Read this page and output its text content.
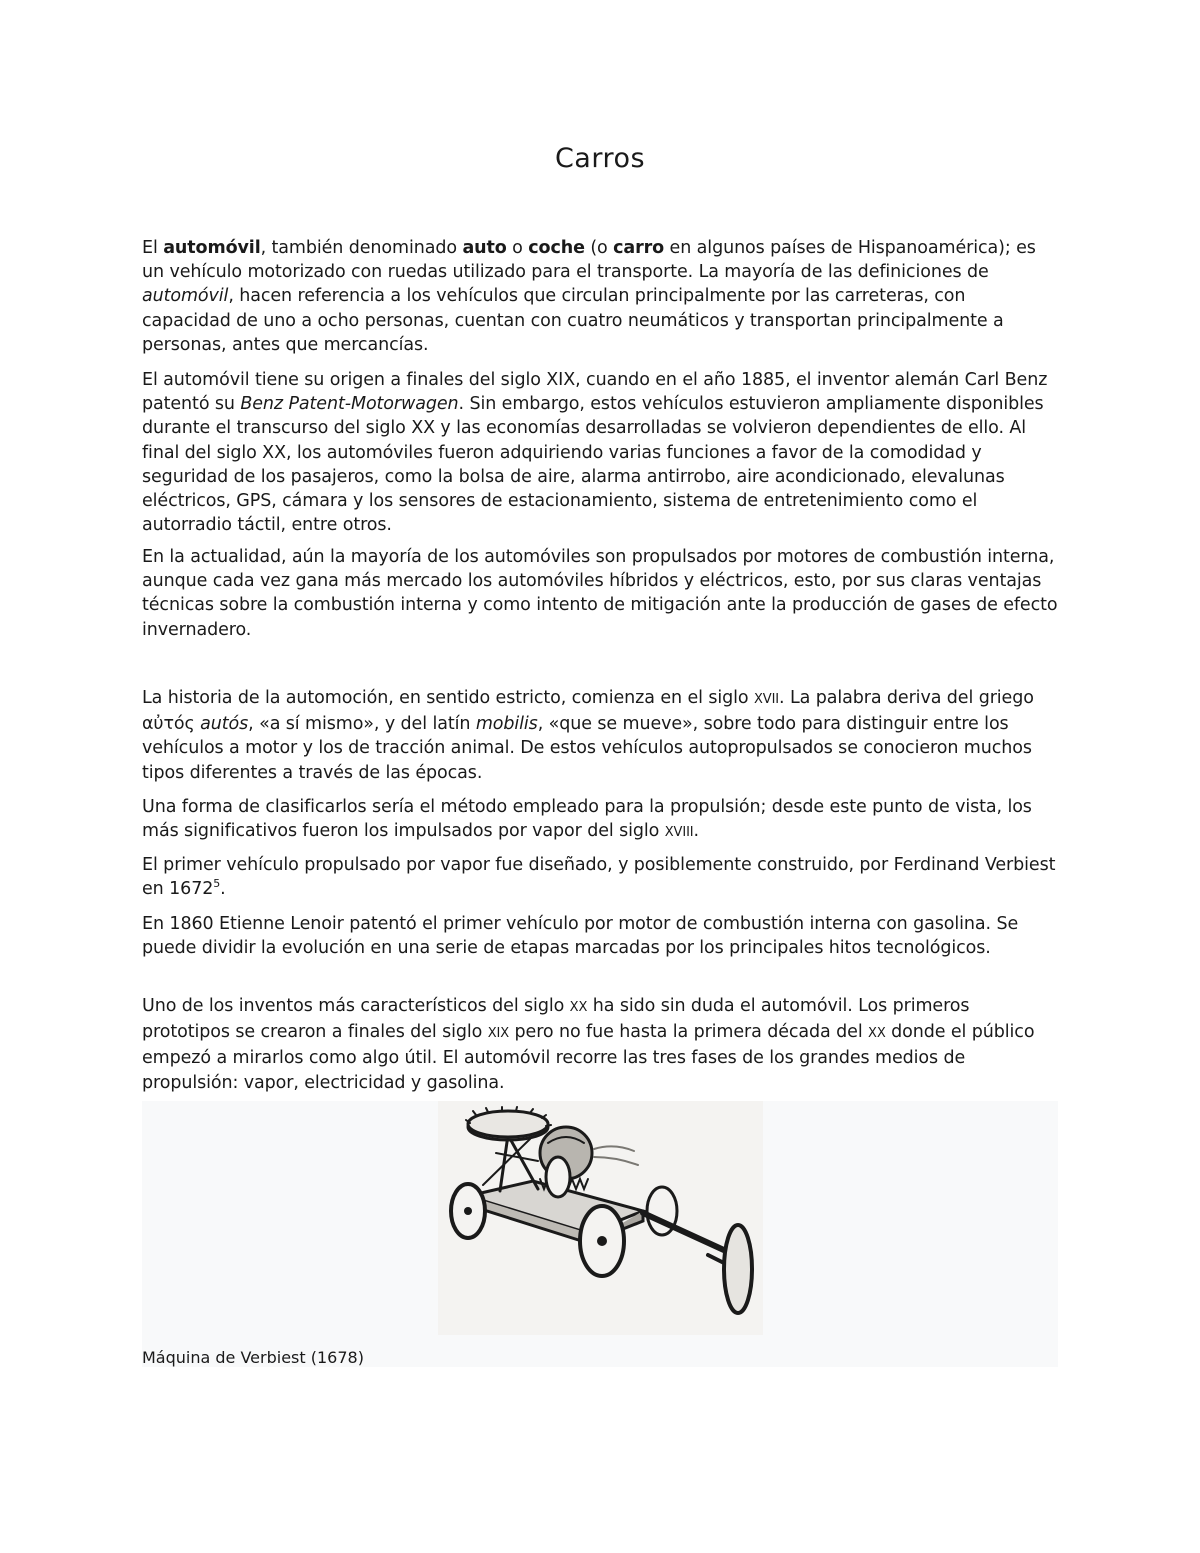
Carros

El automóvil, también denominado auto o coche (o carro en algunos países de Hispanoamérica); es un vehículo motorizado con ruedas utilizado para el transporte. La mayoría de las definiciones de automóvil, hacen referencia a los vehículos que circulan principalmente por las carreteras, con capacidad de uno a ocho personas, cuentan con cuatro neumáticos y transportan principalmente a personas, antes que mercancías.

El automóvil tiene su origen a finales del siglo XIX, cuando en el año 1885, el inventor alemán Carl Benz patentó su Benz Patent-Motorwagen. Sin embargo, estos vehículos estuvieron ampliamente disponibles durante el transcurso del siglo XX y las economías desarrolladas se volvieron dependientes de ello. Al final del siglo XX, los automóviles fueron adquiriendo varias funciones a favor de la comodidad y seguridad de los pasajeros, como la bolsa de aire, alarma antirrobo, aire acondicionado, elevalunas eléctricos, GPS, cámara y los sensores de estacionamiento, sistema de entretenimiento como el autorradio táctil, entre otros.

En la actualidad, aún la mayoría de los automóviles son propulsados por motores de combustión interna, aunque cada vez gana más mercado los automóviles híbridos y eléctricos, esto, por sus claras ventajas técnicas sobre la combustión interna y como intento de mitigación ante la producción de gases de efecto invernadero.

La historia de la automoción, en sentido estricto, comienza en el siglo XVII. La palabra deriva del griego αὐτός autós, «a sí mismo», y del latín mobilis, «que se mueve», sobre todo para distinguir entre los vehículos a motor y los de tracción animal. De estos vehículos autopropulsados se conocieron muchos tipos diferentes a través de las épocas.

Una forma de clasificarlos sería el método empleado para la propulsión; desde este punto de vista, los más significativos fueron los impulsados por vapor del siglo XVIII.

El primer vehículo propulsado por vapor fue diseñado, y posiblemente construido, por Ferdinand Verbiest en 1672$^5$.

En 1860 Etienne Lenoir patentó el primer vehículo por motor de combustión interna con gasolina. Se puede dividir la evolución en una serie de etapas marcadas por los principales hitos tecnológicos.

Uno de los inventos más característicos del siglo XX ha sido sin duda el automóvil. Los primeros prototipos se crearon a finales del siglo XIX pero no fue hasta la primera década del XX donde el público empezó a mirarlos como algo útil. El automóvil recorre las tres fases de los grandes medios de propulsión: vapor, electricidad y gasolina.

Máquina de Verbiest (1678)
